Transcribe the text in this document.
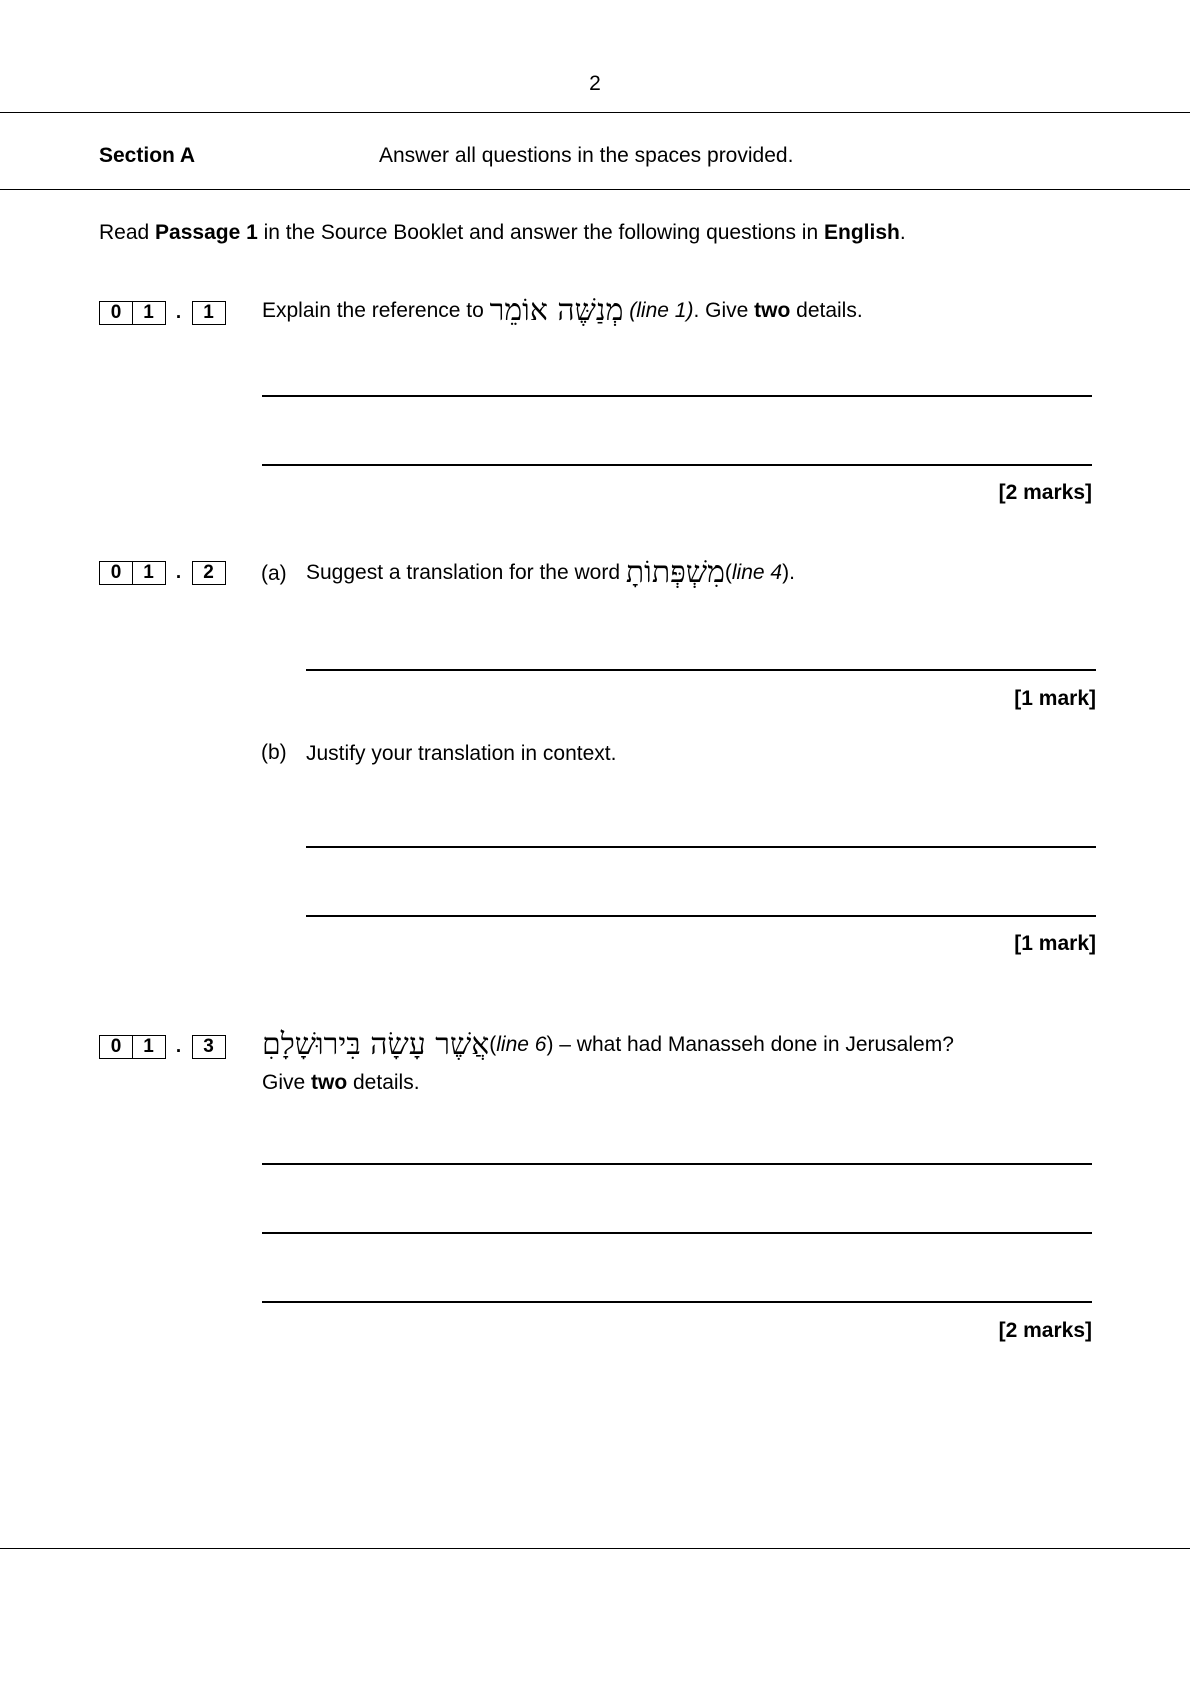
2
Section A	Answer all questions in the spaces provided.
Read Passage 1 in the Source Booklet and answer the following questions in English.
0	1	.	1	Explain the reference to מְנַשֶּׁה אוֹמֵר (line 1). Give two details.
[2 marks]
0	1	.	2	(a) Suggest a translation for the word מִשְׁפְּתוֹתָ(line 4).
[1 mark]
(b) Justify your translation in context.
[1 mark]
0	1	.	3	אֲשֶׁר עָשָׂה בִּירוּשָׁלָםִ(line 6) – what had Manasseh done in Jerusalem?
Give two details.
[2 marks]
